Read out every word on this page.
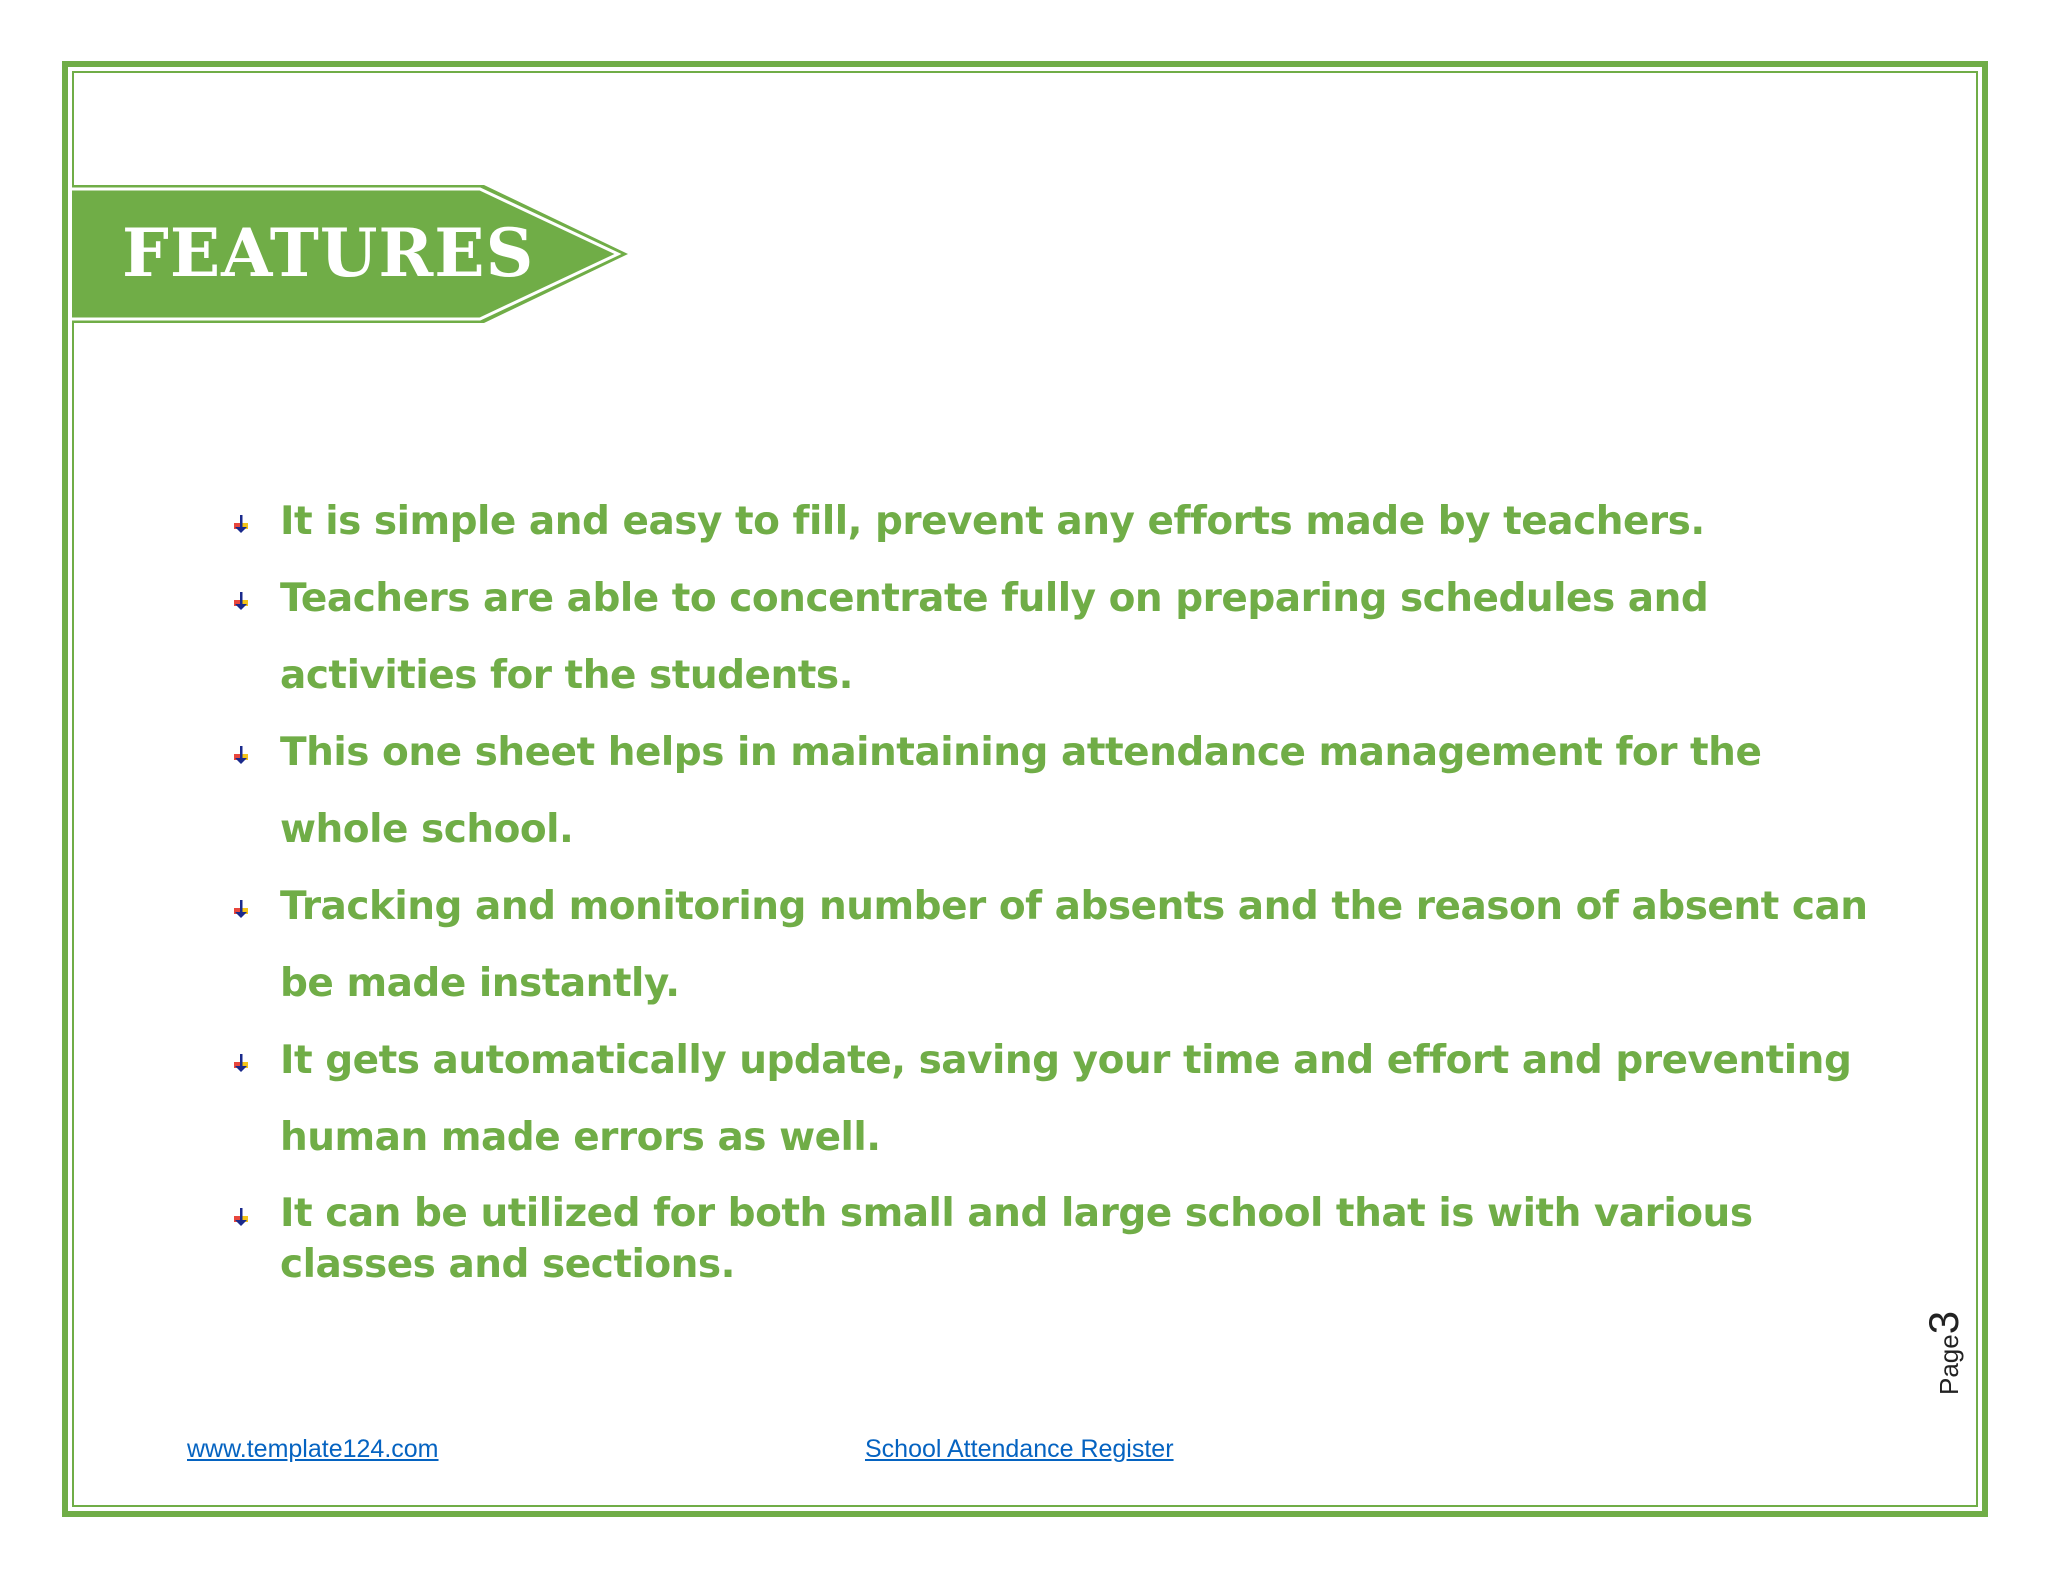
FEATURES
It is simple and easy to fill, prevent any efforts made by teachers.
Teachers are able to concentrate fully on preparing schedules and activities for the students.
This one sheet helps in maintaining attendance management for the whole school.
Tracking and monitoring number of absents and the reason of absent can be made instantly.
It gets automatically update, saving your time and effort and preventing human made errors as well.
It can be utilized for both small and large school that is with various classes and sections.
Page3
www.template124.com	School Attendance Register
